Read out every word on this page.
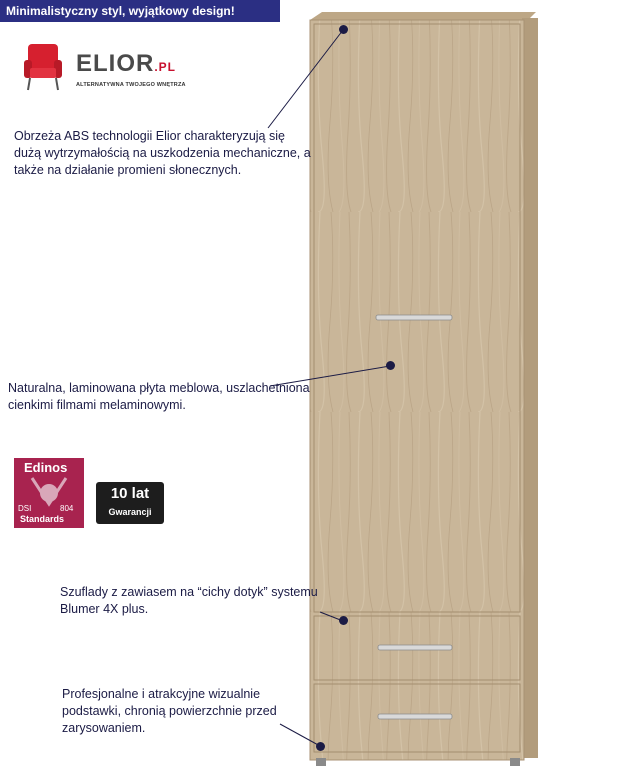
Minimalistyczny styl, wyjątkowy design!
ELIOR.PL
ALTERNATYWNA TWOJEGO WNĘTRZA
Obrzeża ABS technologii Elior charakteryzują się dużą wytrzymałością na uszkodzenia mechaniczne, a także na działanie promieni słonecznych.
Naturalna, laminowana płyta meblowa, uszlachetniona cienkimi filmami melaminowymi.
Szuflady z zawiasem na “cichy dotyk” systemu Blumer 4X plus.
Profesjonalne i atrakcyjne wizualnie podstawki, chronią powierzchnie przed zarysowaniem.
Edinos
DSI	804
Standards
10 lat
Gwarancji
